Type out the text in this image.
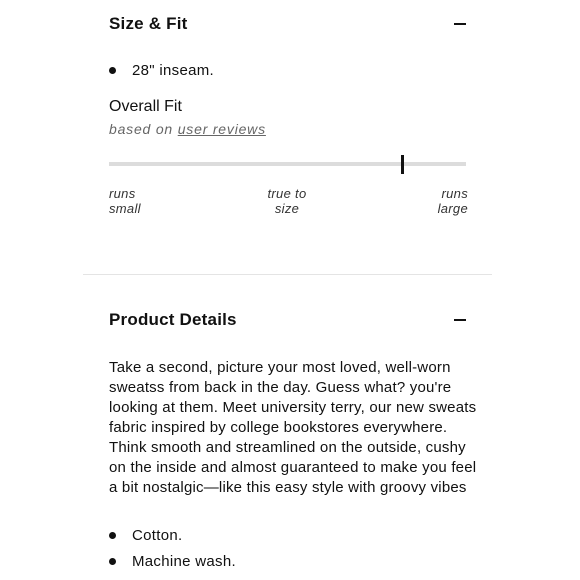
Size & Fit
28" inseam.
Overall Fit
based on user reviews
runs
small
true to
size
runs
large
Product Details

Take a second, picture your most loved, well-worn sweatss from back in the day. Guess what? you're looking at them. Meet university terry, our new sweats fabric inspired by college bookstores everywhere. Think smooth and streamlined on the outside, cushy on the inside and almost guaranteed to make you feel a bit nostalgic—like this easy style with groovy vibes

Cotton.
Machine wash.
